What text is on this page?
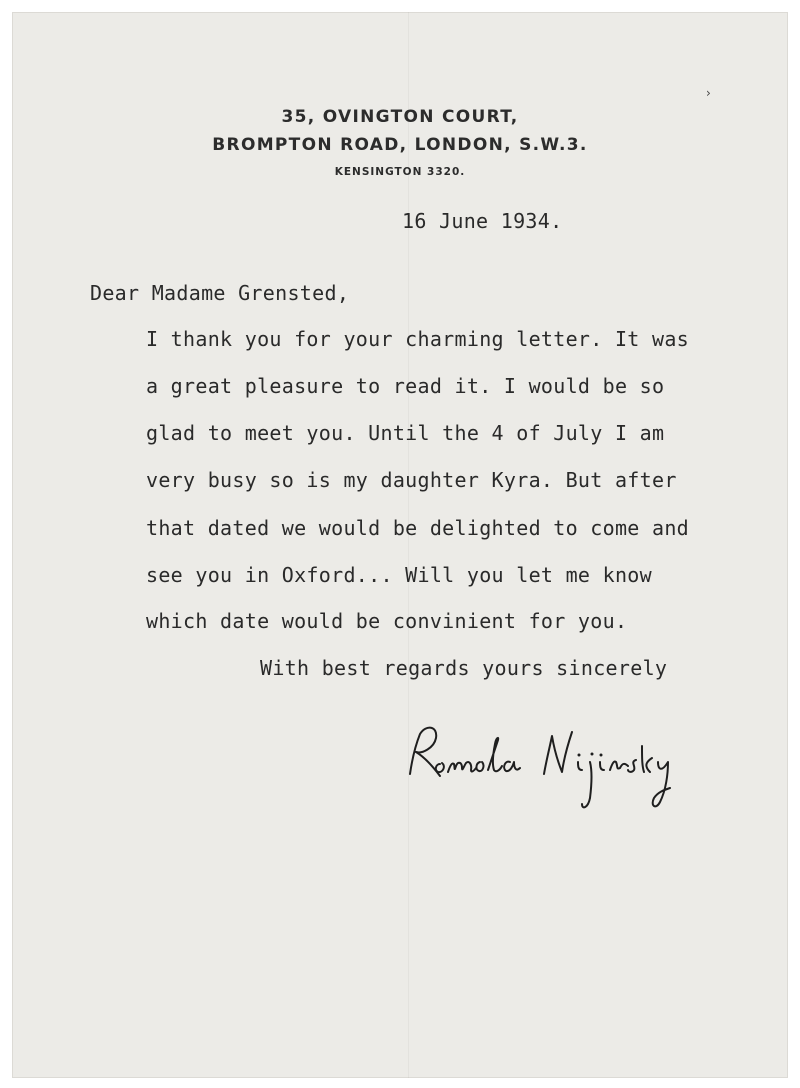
›
35, OVINGTON COURT,
BROMPTON ROAD, LONDON, S.W.3.
KENSINGTON 3320.
16 June 1934.
Dear Madame Grensted,
I thank you for your charming letter. It was
a great pleasure to read it. I would be so
glad to meet you. Until the 4 of July I am
very busy so is my daughter Kyra. But after
that dated we would be delighted to come and
see you in Oxford... Will you let me know
which date would be convinient for you.
With best regards yours sincerely
